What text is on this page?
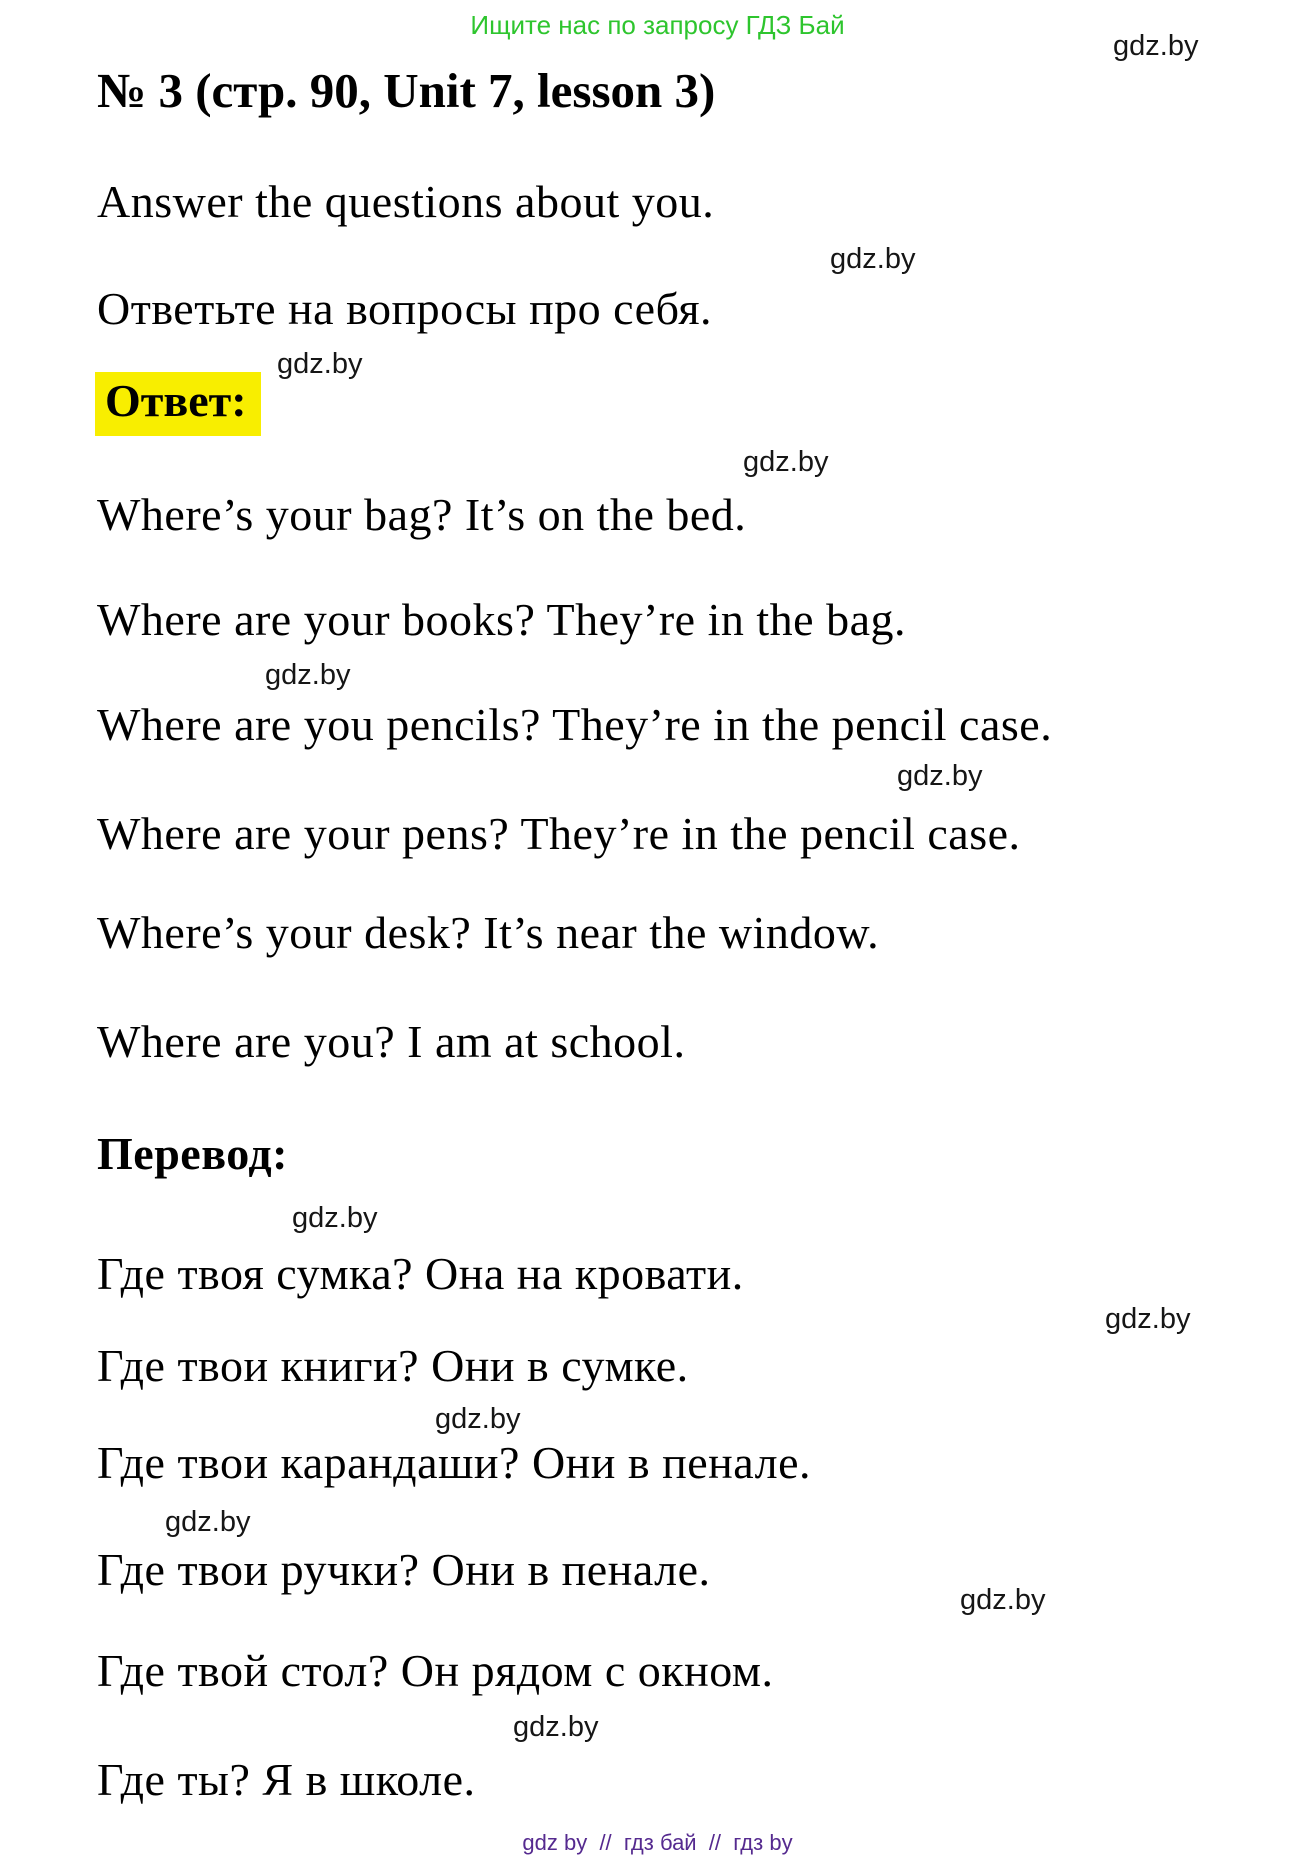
Ищите нас по запросу ГДЗ Бай
gdz.by
№ 3 (стр. 90, Unit 7, lesson 3)
Answer the questions about you.
gdz.by
Ответьте на вопросы про себя.
gdz.by
Ответ:
gdz.by
Where’s your bag? It’s on the bed.
Where are your books? They’re in the bag.
gdz.by
Where are you pencils? They’re in the pencil case.
gdz.by
Where are your pens? They’re in the pencil case.
Where’s your desk? It’s near the window.
Where are you? I am at school.
Перевод:
gdz.by
Где твоя сумка? Она на кровати.
gdz.by
Где твои книги? Они в сумке.
gdz.by
Где твои карандаши? Они в пенале.
gdz.by
Где твои ручки? Они в пенале.
gdz.by
Где твой стол? Он рядом с окном.
gdz.by
Где ты? Я в школе.
gdz by  //  гдз бай  //  гдз by
